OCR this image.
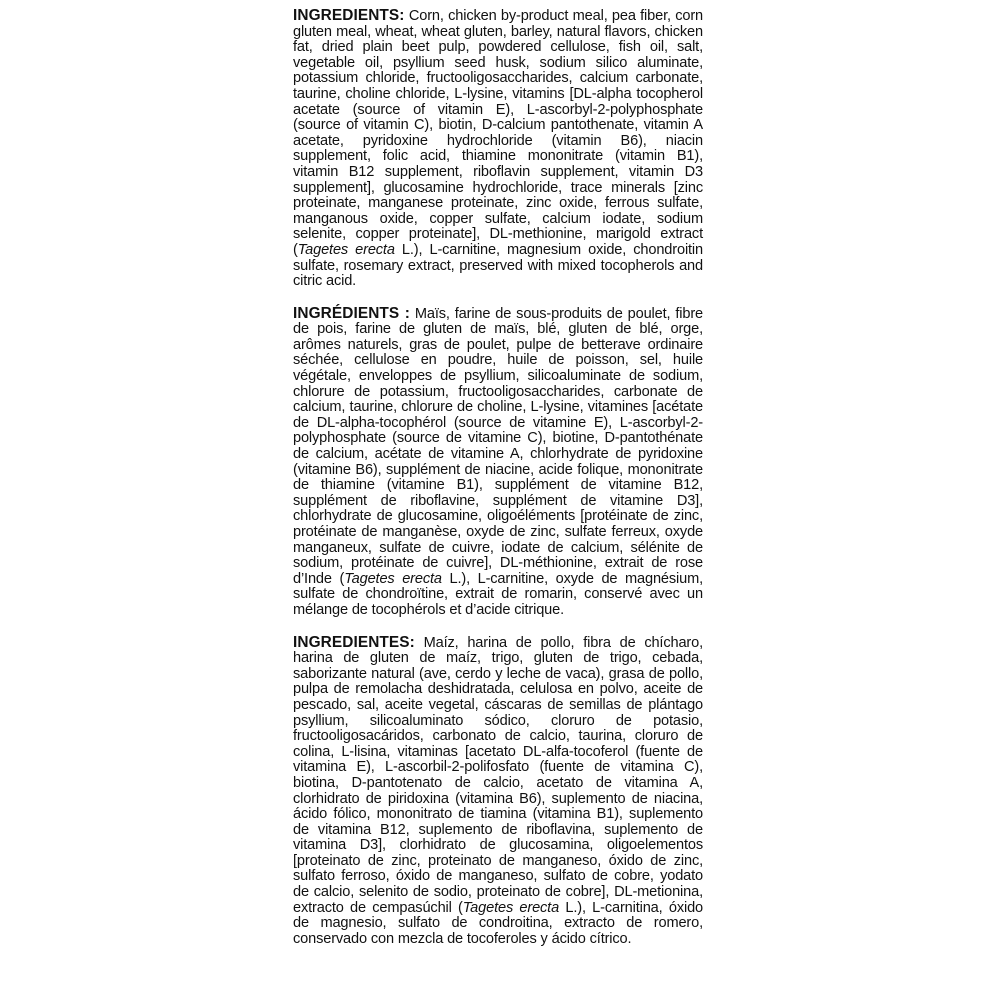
INGREDIENTS: Corn, chicken by-product meal, pea fiber, corn gluten meal, wheat, wheat gluten, barley, natural flavors, chicken fat, dried plain beet pulp, powdered cellulose, fish oil, salt, vegetable oil, psyllium seed husk, sodium silico aluminate, potassium chloride, fructooligosaccharides, calcium carbonate, taurine, choline chloride, L-lysine, vitamins [DL-alpha tocopherol acetate (source of vitamin E), L-ascorbyl-2-polyphosphate (source of vitamin C), biotin, D-calcium pantothenate, vitamin A acetate, pyridoxine hydrochloride (vitamin B6), niacin supplement, folic acid, thiamine mononitrate (vitamin B1), vitamin B12 supplement, riboflavin supplement, vitamin D3 supplement], glucosamine hydrochloride, trace minerals [zinc proteinate, manganese proteinate, zinc oxide, ferrous sulfate, manganous oxide, copper sulfate, calcium iodate, sodium selenite, copper proteinate], DL-methionine, marigold extract (Tagetes erecta L.), L-carnitine, magnesium oxide, chondroitin sulfate, rosemary extract, preserved with mixed tocopherols and citric acid.

INGRÉDIENTS : Maïs, farine de sous-produits de poulet, fibre de pois, farine de gluten de maïs, blé, gluten de blé, orge, arômes naturels, gras de poulet, pulpe de betterave ordinaire séchée, cellulose en poudre, huile de poisson, sel, huile végétale, enveloppes de psyllium, silicoaluminate de sodium, chlorure de potassium, fructooligosaccharides, carbonate de calcium, taurine, chlorure de choline, L-lysine, vitamines [acétate de DL-alpha-tocophérol (source de vitamine E), L-ascorbyl-2-polyphosphate (source de vitamine C), biotine, D-pantothénate de calcium, acétate de vitamine A, chlorhydrate de pyridoxine (vitamine B6), supplément de niacine, acide folique, mononitrate de thiamine (vitamine B1), supplément de vitamine B12, supplément de riboflavine, supplément de vitamine D3], chlorhydrate de glucosamine, oligoéléments [protéinate de zinc, protéinate de manganèse, oxyde de zinc, sulfate ferreux, oxyde manganeux, sulfate de cuivre, iodate de calcium, sélénite de sodium, protéinate de cuivre], DL-méthionine, extrait de rose d’Inde (Tagetes erecta L.), L-carnitine, oxyde de magnésium, sulfate de chondroïtine, extrait de romarin, conservé avec un mélange de tocophérols et d’acide citrique.

INGREDIENTES: Maíz, harina de pollo, fibra de chícharo, harina de gluten de maíz, trigo, gluten de trigo, cebada, saborizante natural (ave, cerdo y leche de vaca), grasa de pollo, pulpa de remolacha deshidratada, celulosa en polvo, aceite de pescado, sal, aceite vegetal, cáscaras de semillas de plántago psyllium, silicoaluminato sódico, cloruro de potasio, fructooligosacáridos, carbonato de calcio, taurina, cloruro de colina, L-lisina, vitaminas [acetato DL-alfa-tocoferol (fuente de vitamina E), L-ascorbil-2-polifosfato (fuente de vitamina C), biotina, D-pantotenato de calcio, acetato de vitamina A, clorhidrato de piridoxina (vitamina B6), suplemento de niacina, ácido fólico, mononitrato de tiamina (vitamina B1), suplemento de vitamina B12, suplemento de riboflavina, suplemento de vitamina D3], clorhidrato de glucosamina, oligoelementos [proteinato de zinc, proteinato de manganeso, óxido de zinc, sulfato ferroso, óxido de manganeso, sulfato de cobre, yodato de calcio, selenito de sodio, proteinato de cobre], DL-metionina, extracto de cempasúchil (Tagetes erecta L.), L-carnitina, óxido de magnesio, sulfato de condroitina, extracto de romero, conservado con mezcla de tocoferoles y ácido cítrico.
